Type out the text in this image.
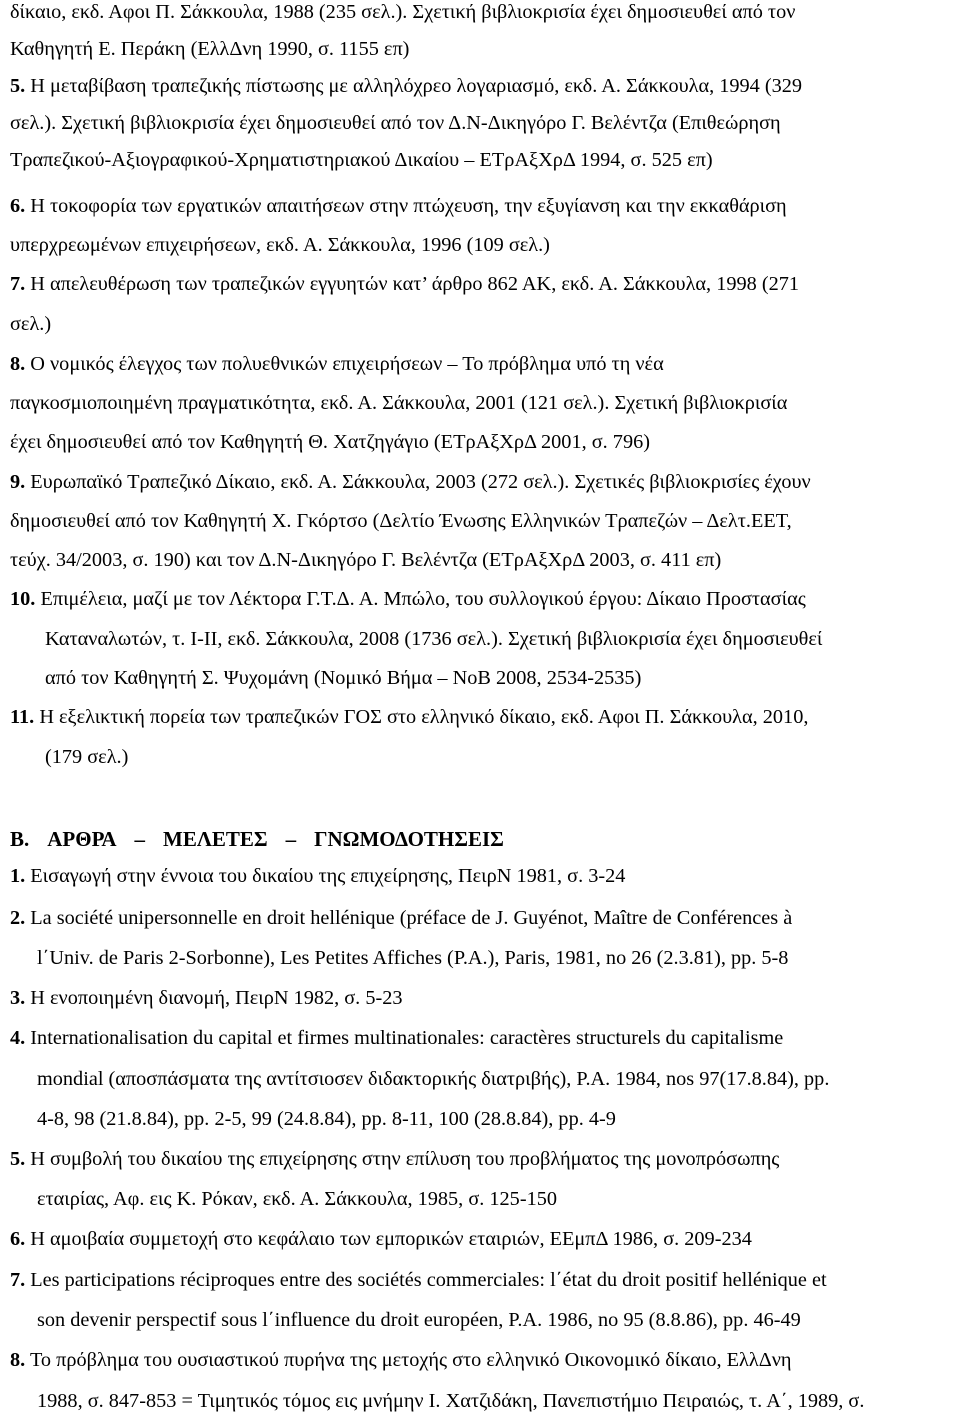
δίκαιο, εκδ. Αφοι Π. Σάκκουλα, 1988 (235 σελ.). Σχετική βιβλιοκρισία έχει δημοσιευθεί από τον
Καθηγητή Ε. Περάκη (ΕλλΔνη 1990, σ. 1155 επ)
5. Η μεταβίβαση τραπεζικής πίστωσης με αλληλόχρεο λογαριασμό, εκδ. Α. Σάκκουλα, 1994 (329
σελ.). Σχετική βιβλιοκρισία έχει δημοσιευθεί από τον Δ.Ν-Δικηγόρο Γ. Βελέντζα (Επιθεώρηση
Τραπεζικού-Αξιογραφικού-Χρηματιστηριακού Δικαίου – ΕΤρΑξΧρΔ 1994, σ. 525 επ)
6. Η τοκοφορία των εργατικών απαιτήσεων στην πτώχευση, την εξυγίανση και την εκκαθάριση
υπερχρεωμένων επιχειρήσεων, εκδ. Α. Σάκκουλα, 1996 (109 σελ.)
7. Η απελευθέρωση των τραπεζικών εγγυητών κατ’ άρθρο 862 ΑΚ, εκδ. Α. Σάκκουλα, 1998 (271
σελ.)
8. Ο νομικός έλεγχος των πολυεθνικών επιχειρήσεων – Το πρόβλημα υπό τη νέα
παγκοσμιοποιημένη πραγματικότητα, εκδ. Α. Σάκκουλα, 2001 (121 σελ.). Σχετική βιβλιοκρισία
έχει δημοσιευθεί από τον Καθηγητή Θ. Χατζηγάγιο (ΕΤρΑξΧρΔ 2001, σ. 796)
9. Ευρωπαϊκό Τραπεζικό Δίκαιο, εκδ. Α. Σάκκουλα, 2003 (272 σελ.). Σχετικές βιβλιοκρισίες έχουν
δημοσιευθεί από τον Καθηγητή Χ. Γκόρτσο (Δελτίο Ένωσης Ελληνικών Τραπεζών – Δελτ.ΕΕΤ,
τεύχ. 34/2003, σ. 190) και τον Δ.Ν-Δικηγόρο Γ. Βελέντζα (ΕΤρΑξΧρΔ 2003, σ. 411 επ)
10. Επιμέλεια, μαζί με τον Λέκτορα Γ.Τ.Δ. Α. Μπώλο, του συλλογικού έργου: Δίκαιο Προστασίας
Καταναλωτών, τ. Ι-ΙΙ, εκδ. Σάκκουλα, 2008 (1736 σελ.). Σχετική βιβλιοκρισία έχει δημοσιευθεί
από τον Καθηγητή Σ. Ψυχομάνη (Νομικό Βήμα – ΝοΒ 2008, 2534-2535)
11. Η εξελικτική πορεία των τραπεζικών ΓΟΣ στο ελληνικό δίκαιο, εκδ. Αφοι Π. Σάκκουλα, 2010,
(179 σελ.)
Β. ΑΡΘΡΑ – ΜΕΛΕΤΕΣ – ΓΝΩΜΟΔΟΤΗΣΕΙΣ
1. Εισαγωγή στην έννοια του δικαίου της επιχείρησης, ΠειρΝ 1981, σ. 3-24
2. La société unipersonnelle en droit hellénique (préface de J. Guyénot, Maître de Conférences à
l΄Univ. de Paris 2-Sorbonne), Les Petites Affiches (P.A.), Paris, 1981, no 26 (2.3.81), pp. 5-8
3. Η ενοποιημένη διανομή, ΠειρΝ 1982, σ. 5-23
4. Internationalisation du capital et firmes multinationales: caractères structurels du capitalisme
mondial (αποσπάσματα της αντίτσιοσεν διδακτορικής διατριβής), P.A. 1984, nos 97(17.8.84), pp.
4-8, 98 (21.8.84), pp. 2-5, 99 (24.8.84), pp. 8-11, 100 (28.8.84), pp. 4-9
5. Η συμβολή του δικαίου της επιχείρησης στην επίλυση του προβλήματος της μονοπρόσωπης
εταιρίας, Αφ. εις Κ. Ρόκαν, εκδ. Α. Σάκκουλα, 1985, σ. 125-150
6. Η αμοιβαία συμμετοχή στο κεφάλαιο των εμπορικών εταιριών, ΕΕμπΔ 1986, σ. 209-234
7. Les participations réciproques entre des sociétés commerciales: l΄état du droit positif hellénique et
son devenir perspectif sous l΄influence du droit européen, P.A. 1986, no 95 (8.8.86), pp. 46-49
8. Το πρόβλημα του ουσιαστικού πυρήνα της μετοχής στο ελληνικό Οικονομικό δίκαιο, ΕλλΔνη
1988, σ. 847-853 = Τιμητικός τόμος εις μνήμην Ι. Χατζιδάκη, Πανεπιστήμιο Πειραιώς, τ. Α΄, 1989, σ.
